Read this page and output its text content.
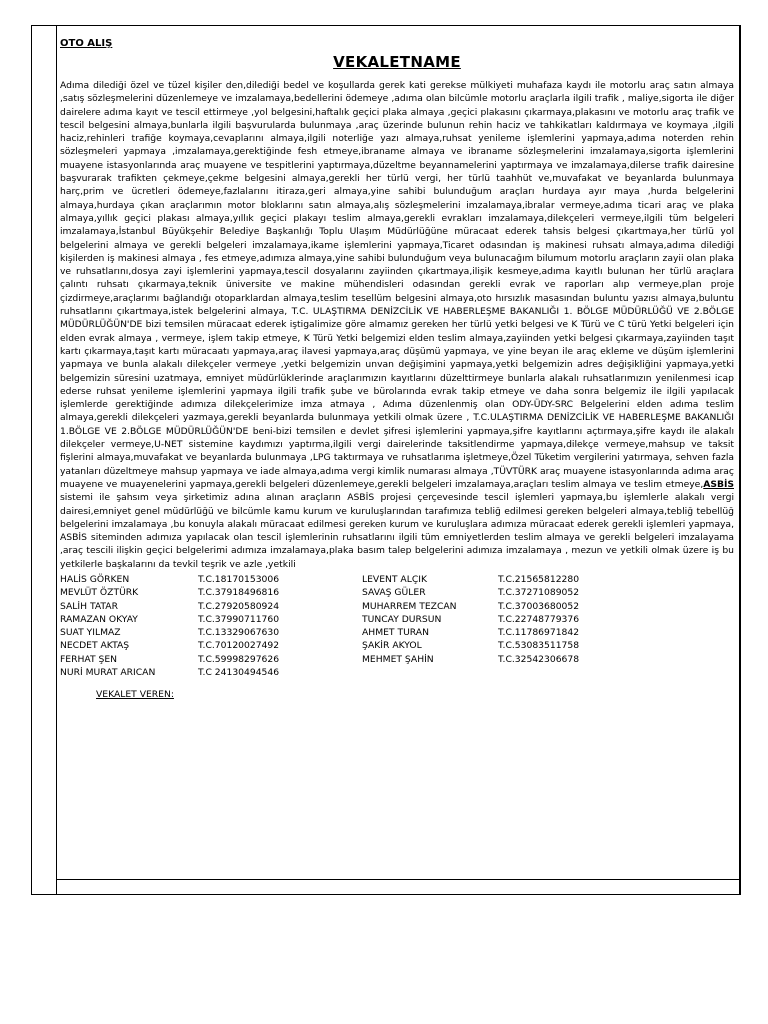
OTO ALIŞ

VEKALETNAME

Adıma dilediği özel ve tüzel kişiler den,dilediği bedel ve koşullarda gerek kati gerekse mülkiyeti muhafaza kaydı ile motorlu araç satın almaya ,satış sözleşmelerini düzenlemeye ve imzalamaya,bedellerini ödemeye ,adıma olan bilcümle motorlu araçlarla ilgili trafik , maliye,sigorta ile diğer dairelere adıma kayıt ve tescil ettirmeye ,yol belgesini,haftalık geçici plaka almaya ,geçici plakasını çıkarmaya,plakasını ve motorlu araç trafik ve tescil belgesini almaya,bunlarla ilgili başvurularda bulunmaya ,araç üzerinde bulunun rehin haciz ve tahkikatları kaldırmaya ve koymaya ,ilgili haciz,rehinleri trafiğe koymaya,cevaplarını almaya,ilgili noterliğe yazı almaya,ruhsat yenileme işlemlerini yapmaya,adıma noterden rehin sözleşmeleri yapmaya ,imzalamaya,gerektiğinde fesh etmeye,ibraname almaya ve ibraname sözleşmelerini imzalamaya,sigorta işlemlerini muayene istasyonlarında araç muayene ve tespitlerini yaptırmaya,düzeltme beyannamelerini yaptırmaya ve imzalamaya,dilerse trafik dairesine başvurarak trafikten çekmeye,çekme belgesini almaya,gerekli her türlü vergi, her türlü taahhüt ve,muvafakat ve beyanlarda bulunmaya harç,prim ve ücretleri ödemeye,fazlalarını itiraza,geri almaya,yine sahibi bulunduğum araçları hurdaya ayır maya ,hurda belgelerini almaya,hurdaya çıkan araçlarımın motor bloklarını satın almaya,alış sözleşmelerini imzalamaya,ibralar vermeye,adıma ticari araç ve plaka almaya,yıllık geçici plakası almaya,yıllık geçici plakayı teslim almaya,gerekli evrakları imzalamaya,dilekçeleri vermeye,ilgili tüm belgeleri imzalamaya,İstanbul Büyükşehir Belediye Başkanlığı Toplu Ulaşım Müdürlüğüne müracaat ederek tahsis belgesi çıkartmaya,her türlü yol belgelerini almaya ve gerekli belgeleri imzalamaya,ikame işlemlerini yapmaya,Ticaret odasından iş makinesi ruhsatı almaya,adıma dilediği kişilerden iş makinesi almaya , fes etmeye,adımıza almaya,yine sahibi bulunduğum veya bulunacağım bilumum motorlu araçların zayii olan plaka ve ruhsatlarını,dosya zayi işlemlerini yapmaya,tescil dosyalarını zayiinden çıkartmaya,ilişik kesmeye,adıma kayıtlı bulunan her türlü araçlara çalıntı ruhsatı çıkarmaya,teknik üniversite ve makine mühendisleri odasından gerekli evrak ve raporları alıp vermeye,plan proje çizdirmeye,araçlarımı bağlandığı otoparklardan almaya,teslim tesellüm belgesini almaya,oto hırsızlık masasından buluntu yazısı almaya,buluntu ruhsatlarını çıkartmaya,istek belgelerini almaya, T.C. ULAŞTIRMA DENİZCİLİK VE HABERLEŞME BAKANLIĞI 1. BÖLGE MÜDÜRLÜĞÜ VE 2.BÖLGE MÜDÜRLÜĞÜN'DE bizi temsilen müracaat ederek iştigalimize göre almamız gereken her türlü yetki belgesi ve K Türü ve C türü Yetki belgeleri için elden evrak almaya , vermeye, işlem takip etmeye, K Türü Yetki belgemizi elden teslim almaya,zayiinden yetki belgesi çıkarmaya,zayiinden taşıt kartı çıkarmaya,taşıt kartı müracaatı yapmaya,araç ilavesi yapmaya,araç düşümü yapmaya, ve yine beyan ile araç ekleme ve düşüm işlemlerini yapmaya ve bunla alakalı dilekçeler vermeye ,yetki belgemizin unvan değişimini yapmaya,yetki belgemizin adres değişikliğini yapmaya,yetki belgemizin süresini uzatmaya, emniyet müdürlüklerinde araçlarımızın kayıtlarını düzelttirmeye bunlarla alakalı ruhsatlarımızın yenilenmesi icap ederse ruhsat yenileme işlemlerini yapmaya ilgili trafik şube ve bürolarında evrak takip etmeye ve daha sonra belgemiz ile ilgili yapılacak işlemlerde gerektiğinde adımıza dilekçelerimize imza atmaya , Adıma düzenlenmiş olan ODY-ÜDY-SRC Belgelerini elden adıma teslim almaya,gerekli dilekçeleri yazmaya,gerekli beyanlarda bulunmaya yetkili olmak üzere , T.C.ULAŞTIRMA DENİZCİLİK VE HABERLEŞME BAKANLIĞI 1.BÖLGE VE 2.BÖLGE MÜDÜRLÜĞÜN'DE beni-bizi temsilen e devlet şifresi işlemlerini yapmaya,şifre kayıtlarını açtırmaya,şifre kaydı ile alakalı dilekçeler vermeye,U-NET sistemine kaydımızı yaptırma,ilgili vergi dairelerinde taksitlendirme yapmaya,dilekçe vermeye,mahsup ve taksit fişlerini almaya,muvafakat ve beyanlarda bulunmaya ,LPG taktırmaya ve ruhsatlarıma işletmeye,Özel Tüketim vergilerini yatırmaya, sehven fazla yatanları düzeltmeye mahsup yapmaya ve iade almaya,adıma vergi kimlik numarası almaya ,TÜVTÜRK araç muayene istasyonlarında adıma araç muayene ve muayenelerini yapmaya,gerekli belgeleri düzenlemeye,gerekli belgeleri imzalamaya,araçları teslim almaya ve teslim etmeye,ASBİS sistemi ile şahsım veya şirketimiz adına alınan araçların ASBİS projesi çerçevesinde tescil işlemleri yapmaya,bu işlemlerle alakalı vergi dairesi,emniyet genel müdürlüğü ve bilcümle kamu kurum ve kuruluşlarından tarafımıza tebliğ edilmesi gereken belgeleri almaya,tebliğ tebellüğ belgelerini imzalamaya ,bu konuyla alakalı müracaat edilmesi gereken kurum ve kuruluşlara adımıza müracaat ederek gerekli işlemleri yapmaya, ASBİS siteminden adımıza yapılacak olan tescil işlemlerinin ruhsatlarını ilgili tüm emniyetlerden teslim almaya ve gerekli belgeleri imzalayama ,araç tescili ilişkin geçici belgelerimi adımıza imzalamaya,plaka basım talep belgelerini adımıza imzalamaya , mezun ve yetkili olmak üzere iş bu yetkilerle başkalarını da tevkil teşrik ve azle ,yetkili

HALİS GÖRKEN	T.C.18170153006	LEVENT ALÇIK	T.C.21565812280
MEVLÜT ÖZTÜRK	T.C.37918496816	SAVAŞ GÜLER	T.C.37271089052
SALİH TATAR	T.C.27920580924	MUHARREM TEZCAN	T.C.37003680052
RAMAZAN OKYAY	T.C.37990711760	TUNCAY DURSUN	T.C.22748779376
SUAT YILMAZ	T.C.13329067630	AHMET TURAN	T.C.11786971842
NECDET AKTAŞ	T.C.70120027492	ŞAKİR AKYOL	T.C.53083511758
FERHAT ŞEN	T.C.59998297626	MEHMET ŞAHİN	T.C.32542306678
NURİ MURAT ARICAN	T.C 24130494546
VEKALET VEREN:
